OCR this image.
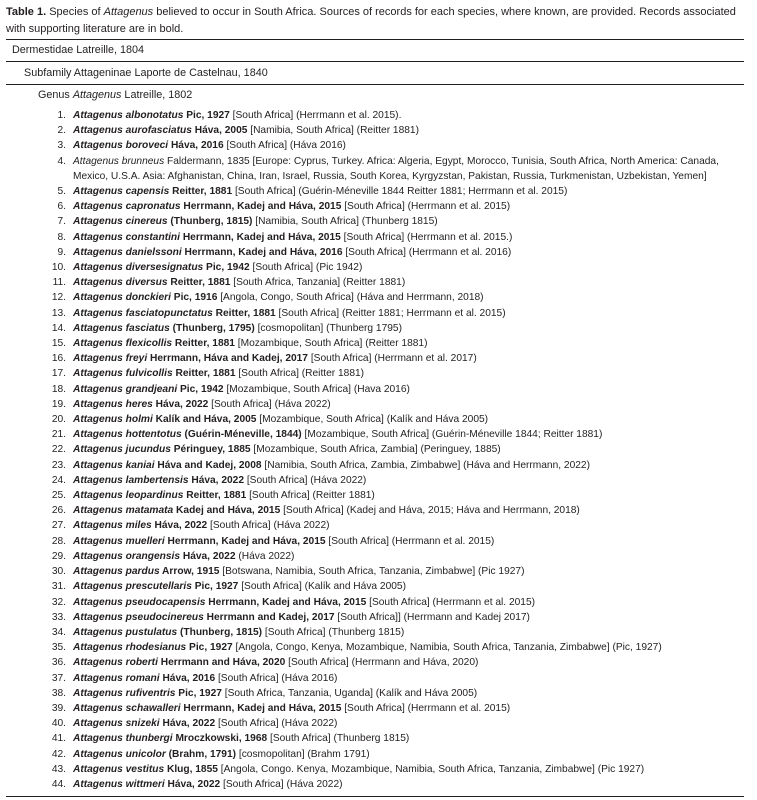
Table 1. Species of Attagenus believed to occur in South Africa. Sources of records for each species, where known, are provided. Records associated with supporting literature are in bold.
Dermestidae Latreille, 1804
Subfamily Attageninae Laporte de Castelnau, 1840
Genus Attagenus Latreille, 1802
1. Attagenus albonotatus Pic, 1927 [South Africa] (Herrmann et al. 2015).
2. Attagenus aurofasciatus Háva, 2005 [Namibia, South Africa] (Reitter 1881)
3. Attagenus boroveci Háva, 2016 [South Africa] (Háva 2016)
4. Attagenus brunneus Faldermann, 1835 [Europe: Cyprus, Turkey. Africa: Algeria, Egypt, Morocco, Tunisia, South Africa, North America: Canada, Mexico, U.S.A. Asia: Afghanistan, China, Iran, Israel, Russia, South Korea, Kyrgyzstan, Pakistan, Russia, Turkmenistan, Uzbekistan, Yemen]
5. Attagenus capensis Reitter, 1881 [South Africa] (Guérin-Méneville 1844 Reitter 1881; Herrmann et al. 2015)
6. Attagenus capronatus Herrmann, Kadej and Háva, 2015 [South Africa] (Herrmann et al. 2015)
7. Attagenus cinereus (Thunberg, 1815) [Namibia, South Africa] (Thunberg 1815)
8. Attagenus constantini Herrmann, Kadej and Háva, 2015 [South Africa] (Herrmann et al. 2015.)
9. Attagenus danielssoni Herrmann, Kadej and Háva, 2016 [South Africa] (Herrmann et al. 2016)
10. Attagenus diversesignatus Pic, 1942 [South Africa] (Pic 1942)
11. Attagenus diversus Reitter, 1881 [South Africa, Tanzania] (Reitter 1881)
12. Attagenus donckieri Pic, 1916 [Angola, Congo, South Africa] (Háva and Herrmann, 2018)
13. Attagenus fasciatopunctatus Reitter, 1881 [South Africa] (Reitter 1881; Herrmann et al. 2015)
14. Attagenus fasciatus (Thunberg, 1795) [cosmopolitan] (Thunberg 1795)
15. Attagenus flexicollis Reitter, 1881 [Mozambique, South Africa] (Reitter 1881)
16. Attagenus freyi Herrmann, Háva and Kadej, 2017 [South Africa] (Herrmann et al. 2017)
17. Attagenus fulvicollis Reitter, 1881 [South Africa] (Reitter 1881)
18. Attagenus grandjeani Pic, 1942 [Mozambique, South Africa] (Hava 2016)
19. Attagenus heres Háva, 2022 [South Africa] (Háva 2022)
20. Attagenus holmi Kalík and Háva, 2005 [Mozambique, South Africa] (Kalík and Háva 2005)
21. Attagenus hottentotus (Guérin-Méneville, 1844) [Mozambique, South Africa] (Guérin-Méneville 1844; Reitter 1881)
22. Attagenus jucundus Péringuey, 1885 [Mozambique, South Africa, Zambia] (Peringuey, 1885)
23. Attagenus kaniai Háva and Kadej, 2008 [Namibia, South Africa, Zambia, Zimbabwe] (Háva and Herrmann, 2022)
24. Attagenus lambertensis Háva, 2022 [South Africa] (Háva 2022)
25. Attagenus leopardinus Reitter, 1881 [South Africa] (Reitter 1881)
26. Attagenus matamata Kadej and Háva, 2015 [South Africa] (Kadej and Háva, 2015; Háva and Herrmann, 2018)
27. Attagenus miles Háva, 2022 [South Africa] (Háva 2022)
28. Attagenus muelleri Herrmann, Kadej and Háva, 2015 [South Africa] (Herrmann et al. 2015)
29. Attagenus orangensis Háva, 2022 (Háva 2022)
30. Attagenus pardus Arrow, 1915 [Botswana, Namibia, South Africa, Tanzania, Zimbabwe] (Pic 1927)
31. Attagenus prescutellaris Pic, 1927 [South Africa] (Kalík and Háva 2005)
32. Attagenus pseudocapensis Herrmann, Kadej and Háva, 2015 [South Africa] (Herrmann et al. 2015)
33. Attagenus pseudocinereus Herrmann and Kadej, 2017 [South Africa]] (Herrmann and Kadej 2017)
34. Attagenus pustulatus (Thunberg, 1815) [South Africa] (Thunberg 1815)
35. Attagenus rhodesianus Pic, 1927 [Angola, Congo, Kenya, Mozambique, Namibia, South Africa, Tanzania, Zimbabwe] (Pic, 1927)
36. Attagenus roberti Herrmann and Háva, 2020 [South Africa] (Herrmann and Háva, 2020)
37. Attagenus romani Háva, 2016 [South Africa] (Háva 2016)
38. Attagenus rufiventris Pic, 1927 [South Africa, Tanzania, Uganda] (Kalík and Háva 2005)
39. Attagenus schawalleri Herrmann, Kadej and Háva, 2015 [South Africa] (Herrmann et al. 2015)
40. Attagenus snizeki Háva, 2022 [South Africa] (Háva 2022)
41. Attagenus thunbergi Mroczkowski, 1968 [South Africa] (Thunberg 1815)
42. Attagenus unicolor (Brahm, 1791) [cosmopolitan] (Brahm 1791)
43. Attagenus vestitus Klug, 1855 [Angola, Congo. Kenya, Mozambique, Namibia, South Africa, Tanzania, Zimbabwe] (Pic 1927)
44. Attagenus wittmeri Háva, 2022 [South Africa] (Háva 2022)
